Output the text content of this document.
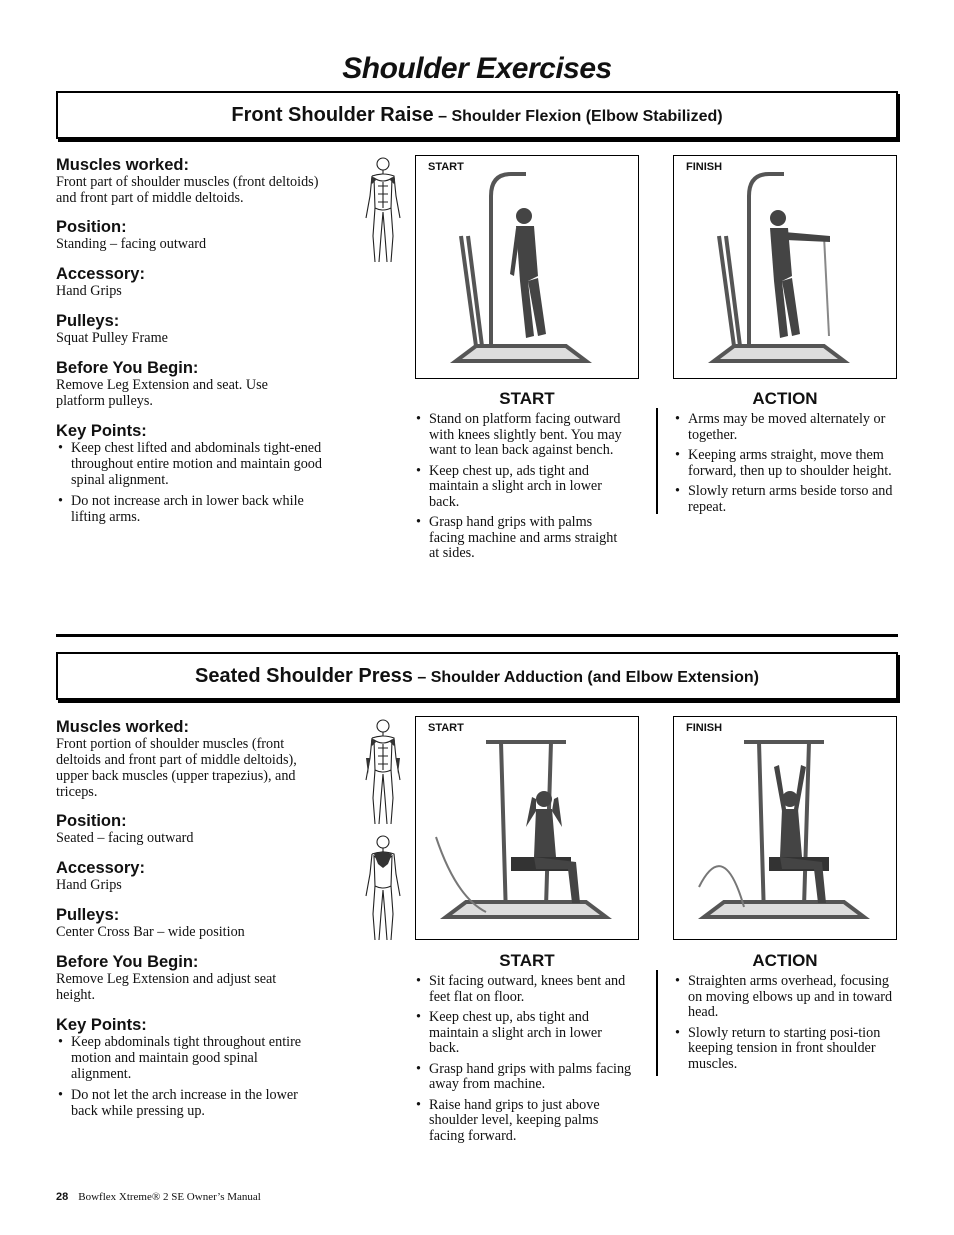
Shoulder Exercises
Front Shoulder Raise – Shoulder Flexion (Elbow Stabilized)
Muscles worked:
Front part of shoulder muscles (front deltoids) and front part of middle deltoids.
Position:
Standing – facing outward
Accessory:
Hand Grips
Pulleys:
Squat Pulley Frame
Before You Begin:
Remove Leg Extension and seat. Use platform pulleys.
Key Points:
• Keep chest lifted and abdominals tight-ened throughout entire motion and maintain good spinal alignment.
• Do not increase arch in lower back while lifting arms.
START	FINISH
START
• Stand on platform facing outward with knees slightly bent. You may want to lean back against bench.
• Keep chest up, ads tight and maintain a slight arch in lower back.
• Grasp hand grips with palms facing machine and arms straight at sides.
ACTION
• Arms may be moved alternately or together.
• Keeping arms straight, move them forward, then up to shoulder height.
• Slowly return arms beside torso and repeat.
Seated Shoulder Press – Shoulder Adduction (and Elbow Extension)
Muscles worked:
Front portion of shoulder muscles (front deltoids and front part of middle deltoids), upper back muscles (upper trapezius), and triceps.
Position:
Seated – facing outward
Accessory:
Hand Grips
Pulleys:
Center Cross Bar – wide position
Before You Begin:
Remove Leg Extension and adjust seat height.
Key Points:
• Keep abdominals tight throughout entire motion and maintain good spinal alignment.
• Do not let the arch increase in the lower back while pressing up.
START	FINISH
START
• Sit facing outward, knees bent and feet flat on floor.
• Keep chest up, abs tight and maintain a slight arch in lower back.
• Grasp hand grips with palms facing away from machine.
• Raise hand grips to just above shoulder level, keeping palms facing forward.
ACTION
• Straighten arms overhead, focusing on moving elbows up and in toward head.
• Slowly return to starting posi-tion keeping tension in front shoulder muscles.
28 Bowflex Xtreme® 2 SE Owner’s Manual
